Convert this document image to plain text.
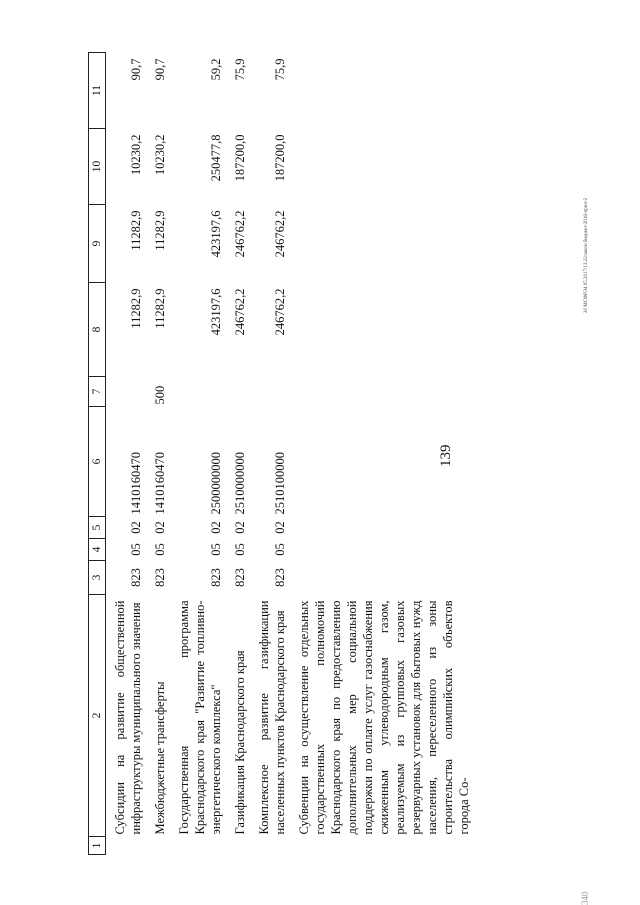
139
1	2	3	4	5	6	7	8	9	10	11

	Субсидии на развитие общественной инфраструктуры муниципального значения	823	05	02	1410160470		11282,9	11282,9	10230,2	90,7

	Межбюджетные трансферты	823	05	02	1410160470	500	11282,9	11282,9	10230,2	90,7

	Государственная программа Краснодарского края "Развитие топливно-энергетического комплекса"	823	05	02	2500000000		423197,6	423197,6	250477,8	59,2

	Газификация Краснодарского края	823	05	02	2510000000		246762,2	246762,2	187200,0	75,9

	Комплексное развитие газификации населенных пунктов Краснодарского края	823	05	02	2510100000		246762,2	246762,2	187200,0	75,9

	Субвенции на осуществление отдельных государственных полномочий Краснодарского края по предоставлению дополнительных мер социальной поддержки по оплате услуг газоснабжения сжиженным углеводородным газом, реализуемым из групповых газовых резервуарных установок для бытовых нужд населения, переселенного из зоны строительства олимпийских объектов города Со-									

20 МСФРЭ4 05.2017/13.22/закон бюджет-2016-прил-2
340
